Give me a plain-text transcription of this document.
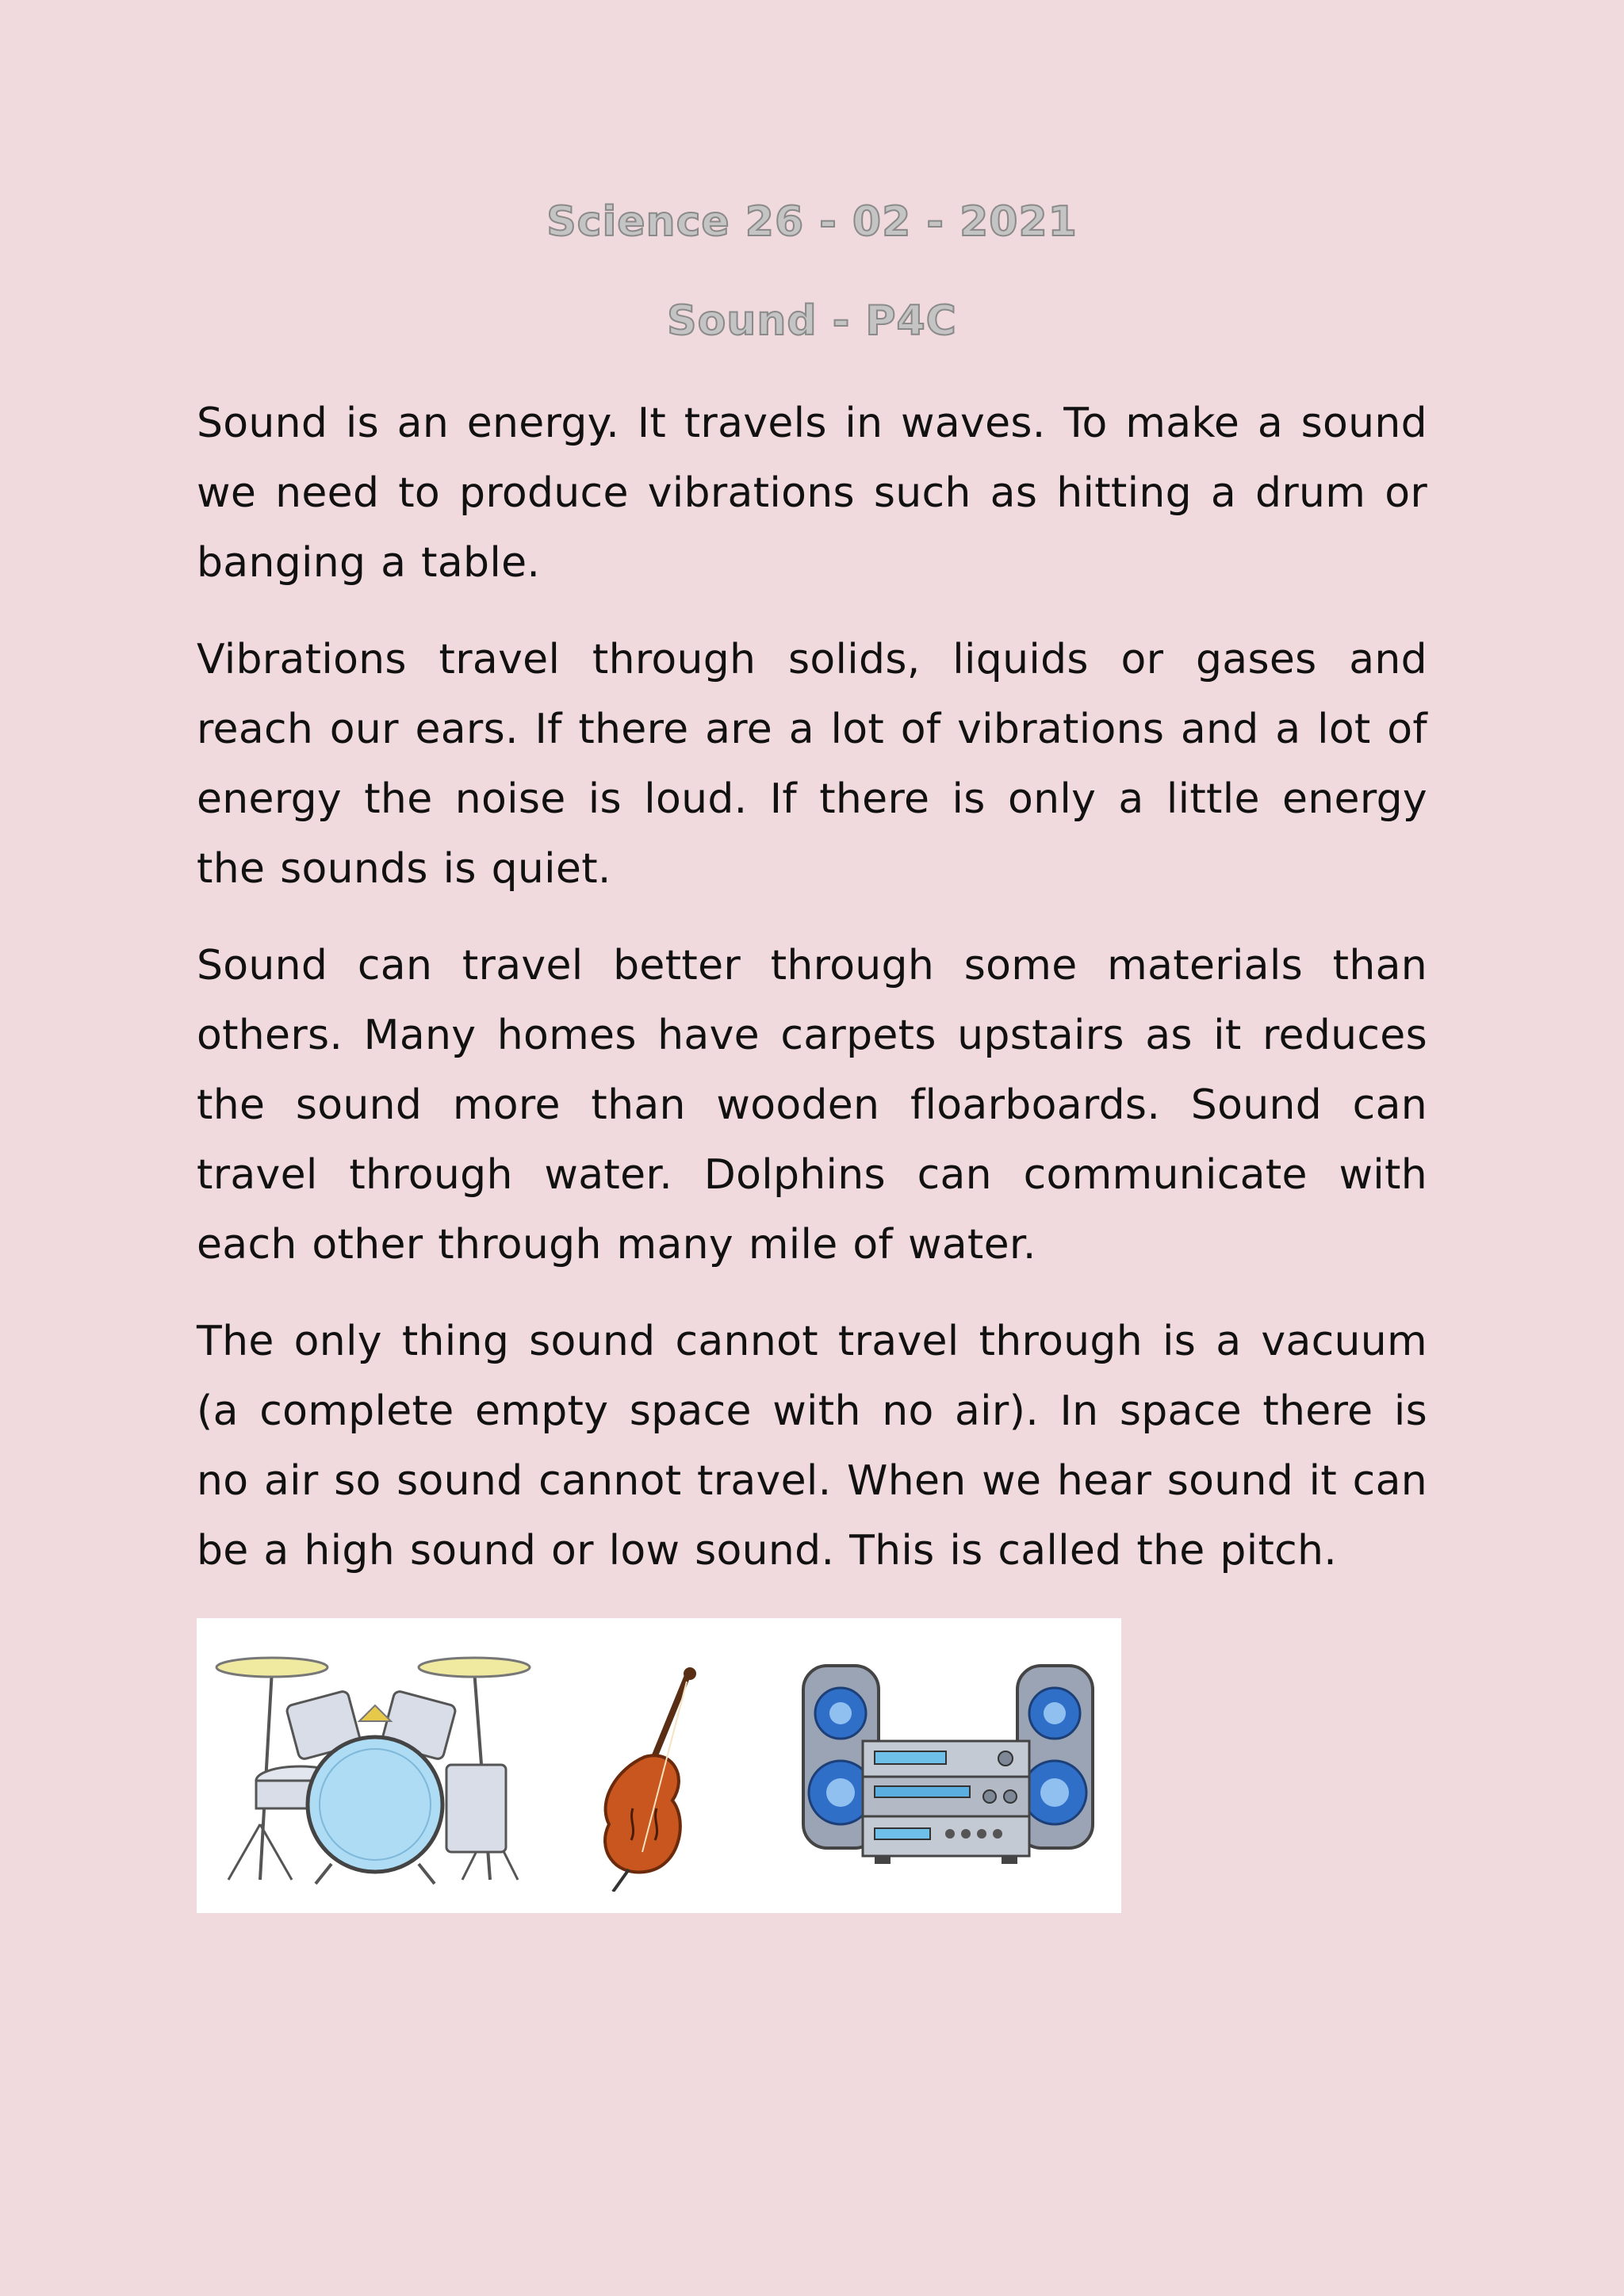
Science 26 - 02 - 2021
Sound - P4C

Sound is an energy. It travels in waves. To make a sound we need to produce vibrations such as hitting a drum or banging a table.

Vibrations travel through solids, liquids or gases and reach our ears. If there are a lot of vibrations and a lot of energy the noise is loud. If there is only a little energy the sounds is quiet.

Sound can travel better through some materials than others. Many homes have carpets upstairs as it reduces the sound more than wooden floarboards. Sound can travel through water. Dolphins can communicate with each other through many mile of water.

The only thing sound cannot travel through is a vacuum (a complete empty space with no air). In space there is no air so sound cannot travel. When we hear sound it can be a high sound or low sound. This is called the pitch.
